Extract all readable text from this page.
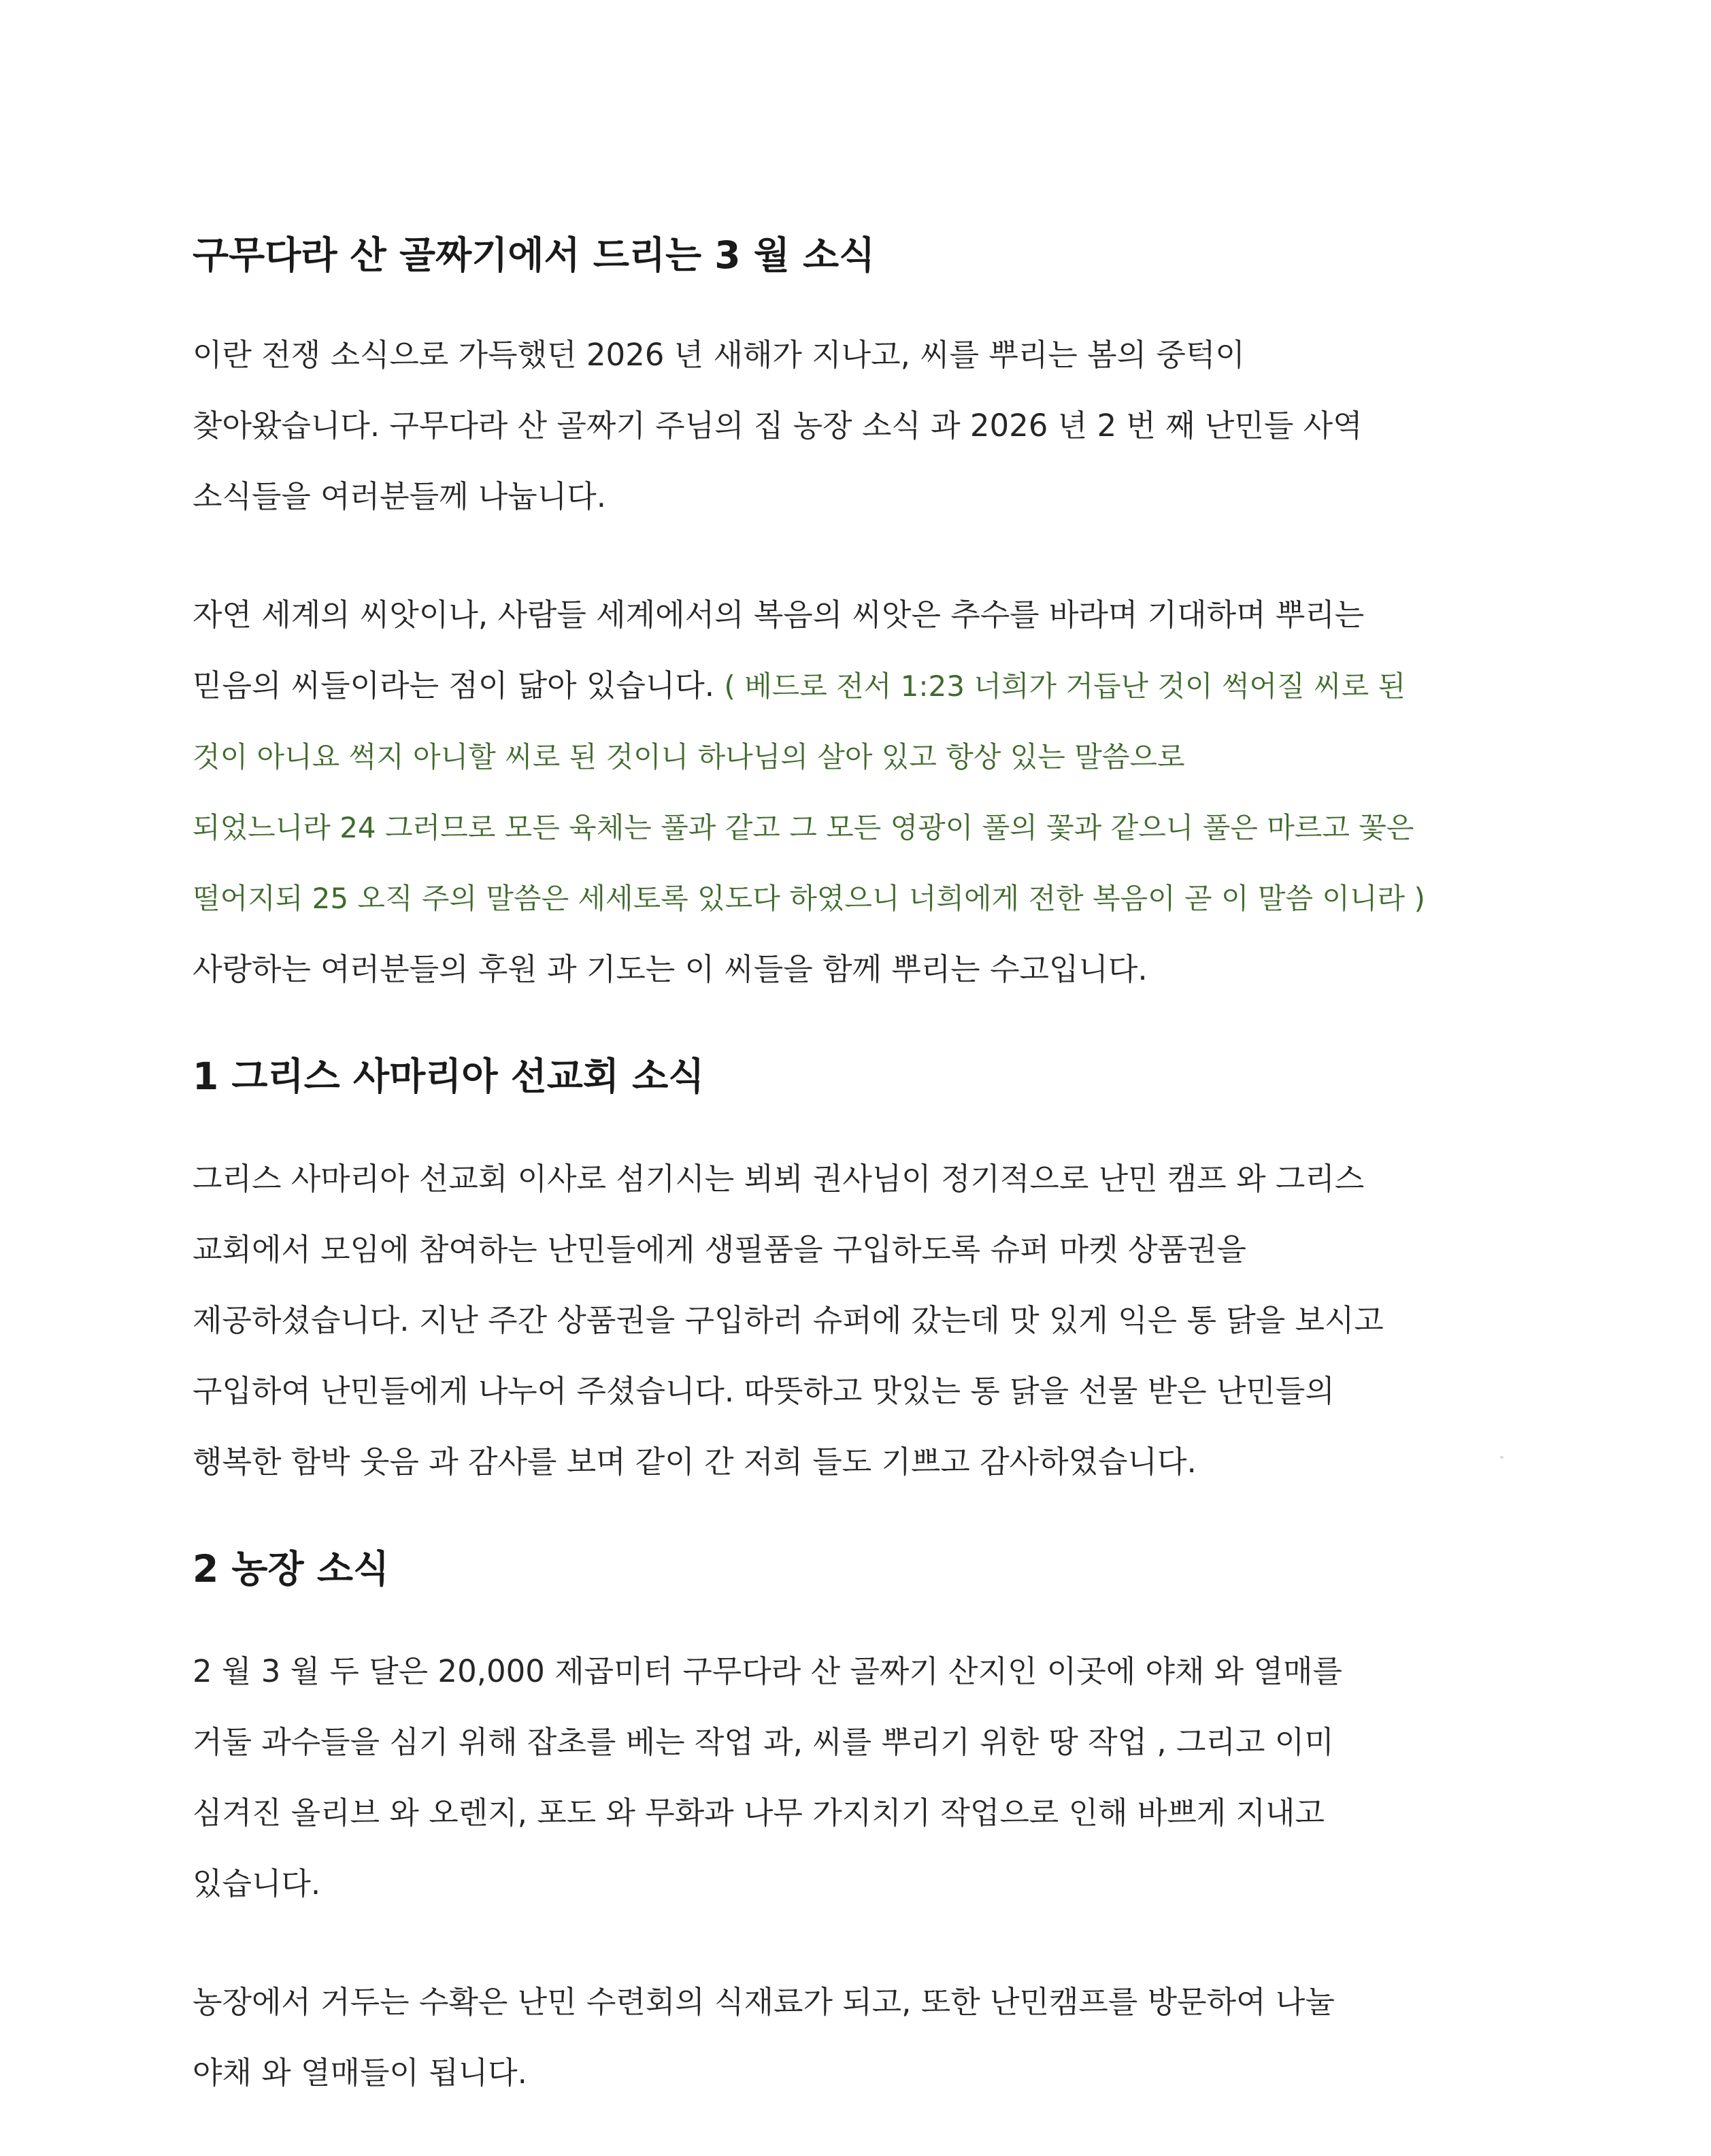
구무다라 산 골짜기에서 드리는 3 월 소식
이란 전쟁 소식으로 가득했던 2026 년 새해가 지나고, 씨를 뿌리는 봄의 중턱이
찾아왔습니다. 구무다라 산 골짜기 주님의 집 농장 소식 과 2026 년 2 번 째 난민들 사역
소식들을 여러분들께 나눕니다.
자연 세계의 씨앗이나, 사람들 세계에서의 복음의 씨앗은 추수를 바라며 기대하며 뿌리는
믿음의 씨들이라는 점이 닮아 있습니다. ( 베드로 전서 1:23 너희가 거듭난 것이 썩어질 씨로 된
것이 아니요 썩지 아니할 씨로 된 것이니 하나님의 살아 있고 항상 있는 말씀으로
되었느니라 24 그러므로 모든 육체는 풀과 같고 그 모든 영광이 풀의 꽃과 같으니 풀은 마르고 꽃은
떨어지되 25 오직 주의 말씀은 세세토록 있도다 하였으니 너희에게 전한 복음이 곧 이 말씀 이니라 )
사랑하는 여러분들의 후원 과 기도는 이 씨들을 함께 뿌리는 수고입니다.
1 그리스 사마리아 선교회 소식
그리스 사마리아 선교회 이사로 섬기시는 뵈뵈 권사님이 정기적으로 난민 캠프 와 그리스
교회에서 모임에 참여하는 난민들에게 생필품을 구입하도록 슈퍼 마켓 상품권을
제공하셨습니다. 지난 주간 상품권을 구입하러 슈퍼에 갔는데 맛 있게 익은 통 닭을 보시고
구입하여 난민들에게 나누어 주셨습니다. 따뜻하고 맛있는 통 닭을 선물 받은 난민들의
행복한 함박 웃음 과 감사를 보며 같이 간 저희 들도 기쁘고 감사하였습니다.
2 농장 소식
2 월 3 월 두 달은 20,000 제곱미터 구무다라 산 골짜기 산지인 이곳에 야채 와 열매를
거둘 과수들을 심기 위해 잡초를 베는 작업 과, 씨를 뿌리기 위한 땅 작업 , 그리고 이미
심겨진 올리브 와 오렌지, 포도 와 무화과 나무 가지치기 작업으로 인해 바쁘게 지내고
있습니다.
농장에서 거두는 수확은 난민 수련회의 식재료가 되고, 또한 난민캠프를 방문하여 나눌
야채 와 열매들이 됩니다.
